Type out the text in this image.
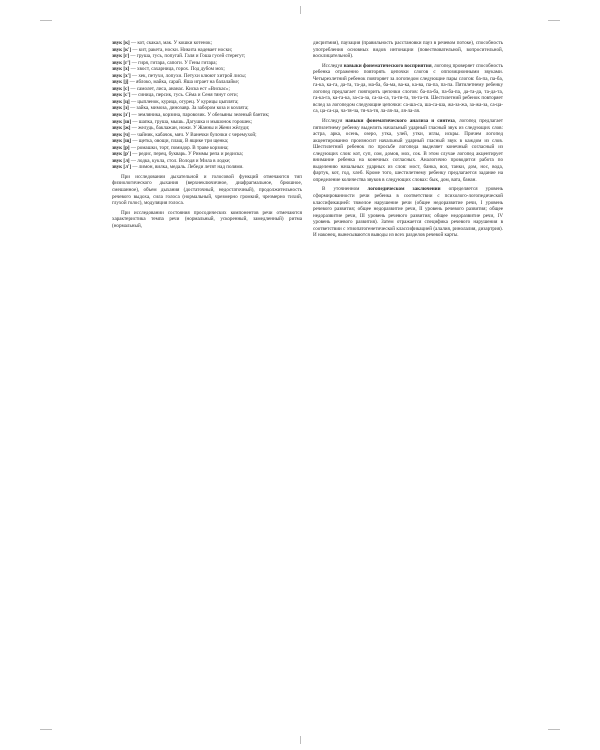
звук [к] — кот, скакал, мак. У кошки котенок;

звук [к'] — кит, ракета, носки. Никита надевает носки;

звук [г] — груша, гусь, попугай. Галя и Гоша гусей стерегут;

звук [г'] — гиря, гитара, сапоги. У Гены гитара;

звук [х] — хвост, сахарница, горох. Под дубом мох;

звук [х'] — хек, петухи, лопухи. Петухи клюют хитрой лисы;

звук [j] — яблоко, майка, сарай. Яша играет на балалайке;

звук [с] — самолет, лиса, ананас. Киска ест «Вискас»;

звук [с'] — синица, персик, гусь. Сёма и Сеня тянут сети;

звук [ц] — цыпленок, курица, огурец. У курицы цыплята;

звук [з] — зайка, мимоза, динозавр. За забором коза и козлята;

звук [з'] — земляника, корзина, паровозик. У обезьяны зеленый бантик;

звук [ш] — шапка, груша, мышь. Дагушка и мышонок горошек;

звук [ж] — желудь, баклажан, ножи. У Жанны и Жени жёлуди;

звук [ч] — чайник, кабачок, мяч. У Ванечки булочки с черемухой;

звук [щ] — щетка, овощи, плащ. В ящике три щенка;

звук [р] — ромашки, торт, помидор. В траве корзина;

звук [р'] — редис, перец, букварь. У Риммы репа и редиска;

звук [л] — лодка, кукла, стол. Володя и Мила в лодке;

звук [л'] — лимон, вилка, медаль. Лебеди летят над полями.

При исследовании дыхательной и голосовой функций отмечаются тип физиологического дыхания (верхнеключичное, диафрагмальное, брюшное, смешанное), объем дыхания (достаточный, недостаточный), продолжительность речевого выдоха, сила голоса (нормальный, чрезмерно громкий, чрезмерно тихий, глухой голос), модуляция голоса.

При исследовании состояния просодических компонентов речи отмечаются характеристика темпа речи (нормальный, ускоренный, замедленный) ритма (нормальный,

дисритмия), паузация (правильность расстановки пауз в речевом потоке), способность употребления основных видов интонации (повествовательной, вопросительной, восклицательной).

Исследуя навыки фонематического восприятия, логопед проверяет способность ребенка отраженно повторять цепочки слогов с оппозиционными звуками. Четырехлетний ребенок повторяет за логопедом следующие пары слогов: ба-па, па-ба, га-ка, ка-га, да-та, та-да, ма-ба, ба-ма, ва-ка, ка-ва, па-па, па-па. Пятилетнему ребенку логопед предлагает повторить цепочки слогов: ба-па-ба, па-ба-па, да-та-да, та-да-та, га-ка-га, ка-га-ка, за-са-за, са-за-са, та-тя-та, тя-та-тя. Шестилетний ребенок повторяет вслед за логопедом следующие цепочки: са-ша-са, ша-са-ша, жа-за-жа, за-жа-за, са-ца-са, ца-са-ца, ча-тя-ча, тя-ча-тя, ла-ля-ла, ля-ла-ля.

Исследуя навыки фонематического анализа и синтеза, логопед предлагает пятилетнему ребенку выделить начальный ударный гласный звук из следующих слов: астра, арка, осень, озеро, утка, улей, утки, иглы, искры. Причем логопед акцентированно произносит начальный ударный гласный звук в каждом из слов. Шестилетний ребенок по просьбе логопеда выделяет конечный согласный из следующих слов: кот, суп, сом, домов, мох, сок. В этом случае логопед акцентирует внимание ребенка на конечных согласных. Аналогично проводится работа по выделению начальных ударных из слов: мост, банка, вол, танки, дом, нос, вода, фартук, кот, год, хлеб. Кроме того, шестилетнему ребенку предлагается задание на определение количества звуков в следующих словах: бык, дом, вата, банан.

В уточненном логопедическом заключении определяется уровень сформированности речи ребенка в соответствии с психолого-логопедической классификацией: тяжелое нарушение речи (общее недоразвитие речи, I уровень речевого развития; общее недоразвитие речи, II уровень речевого развития; общее недоразвитие речи, III уровень речевого развития; общее недоразвитие речи, IV уровень речевого развития). Затем отражается специфика речевого нарушения в соответствии с этиопатогенетической классификацией (алалия, ринолалия, дизартрия). И наконец, вынесываются выводы из всех разделов речевой карты.
